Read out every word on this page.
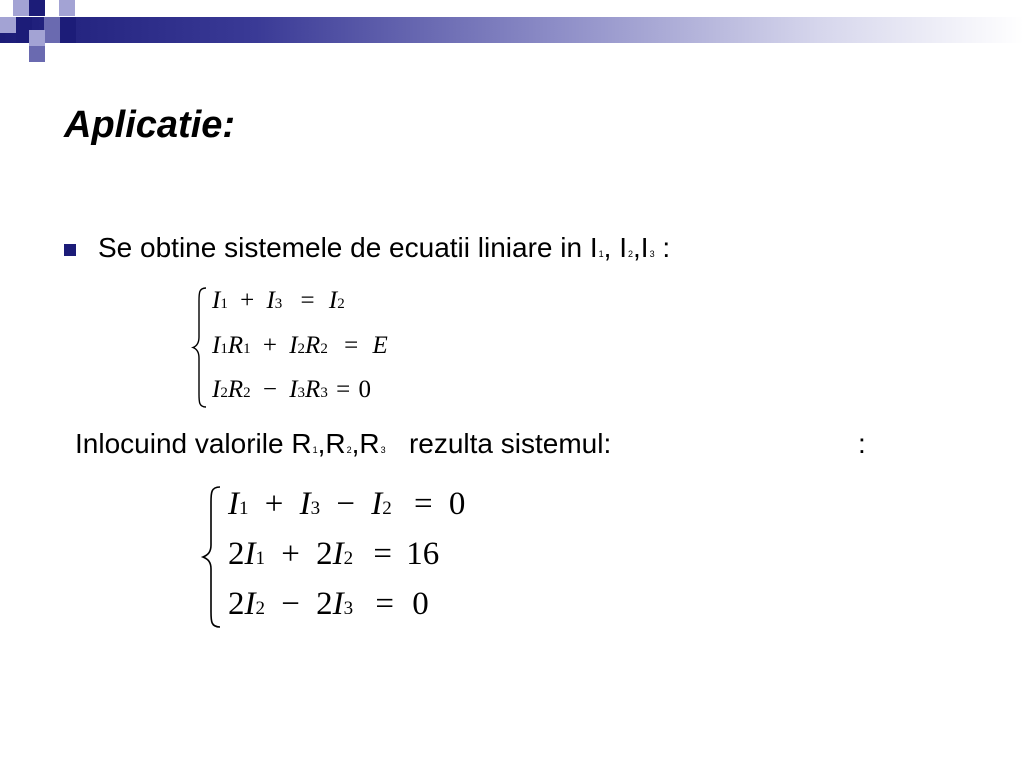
Aplicatie:
Se obtine sistemele de ecuatii liniare in I1, I2,I3 :
I1 + I3 = I2
I1R1 + I2R2 = E
I2R2 − I3R3 = 0
Inlocuind valorile R1,R2,R3   rezulta sistemul:	:
I1 + I3 − I2 = 0
2I1 + 2I2 = 16
2I2 − 2I3 = 0
